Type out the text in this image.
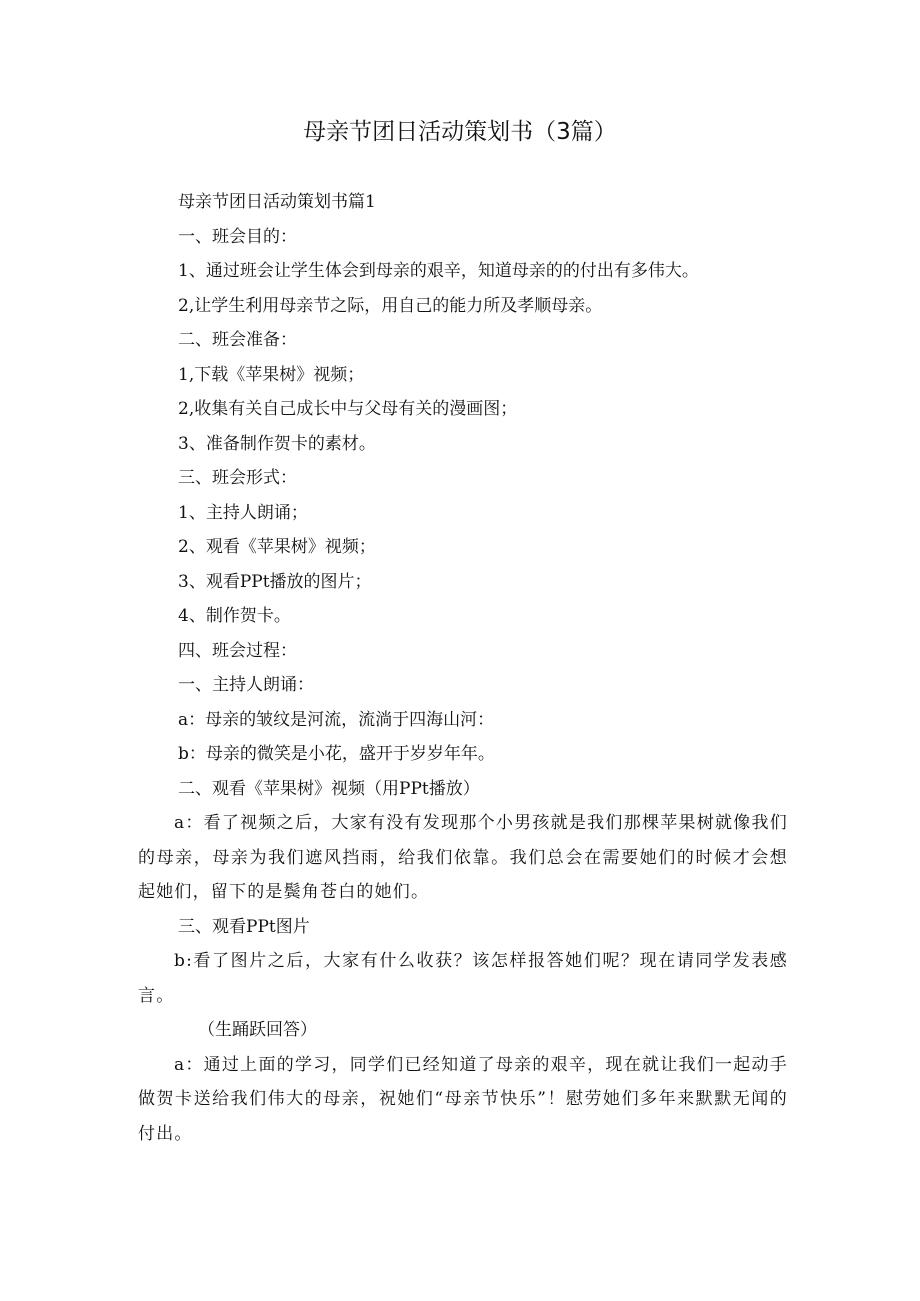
母亲节团日活动策划书（3篇）
母亲节团日活动策划书篇1
一、班会目的：
1、通过班会让学生体会到母亲的艰辛，知道母亲的的付出有多伟大。
2,让学生利用母亲节之际，用自己的能力所及孝顺母亲。
二、班会准备：
1,下载《苹果树》视频；
2,收集有关自己成长中与父母有关的漫画图；
3、准备制作贺卡的素材。
三、班会形式：
1、主持人朗诵；
2、观看《苹果树》视频；
3、观看PPt播放的图片；
4、制作贺卡。
四、班会过程：
一、主持人朗诵：
a：母亲的皱纹是河流，流淌于四海山河：
b：母亲的微笑是小花，盛开于岁岁年年。
二、观看《苹果树》视频（用PPt播放）
a：看了视频之后，大家有没有发现那个小男孩就是我们那棵苹果树就像我们的母亲，母亲为我们遮风挡雨，给我们依靠。我们总会在需要她们的时候才会想起她们，留下的是鬓角苍白的她们。
三、观看PPt图片
b:看了图片之后，大家有什么收获？该怎样报答她们呢？现在请同学发表感言。
（生踊跃回答）
a：通过上面的学习，同学们已经知道了母亲的艰辛，现在就让我们一起动手做贺卡送给我们伟大的母亲，祝她们“母亲节快乐”！慰劳她们多年来默默无闻的付出。
